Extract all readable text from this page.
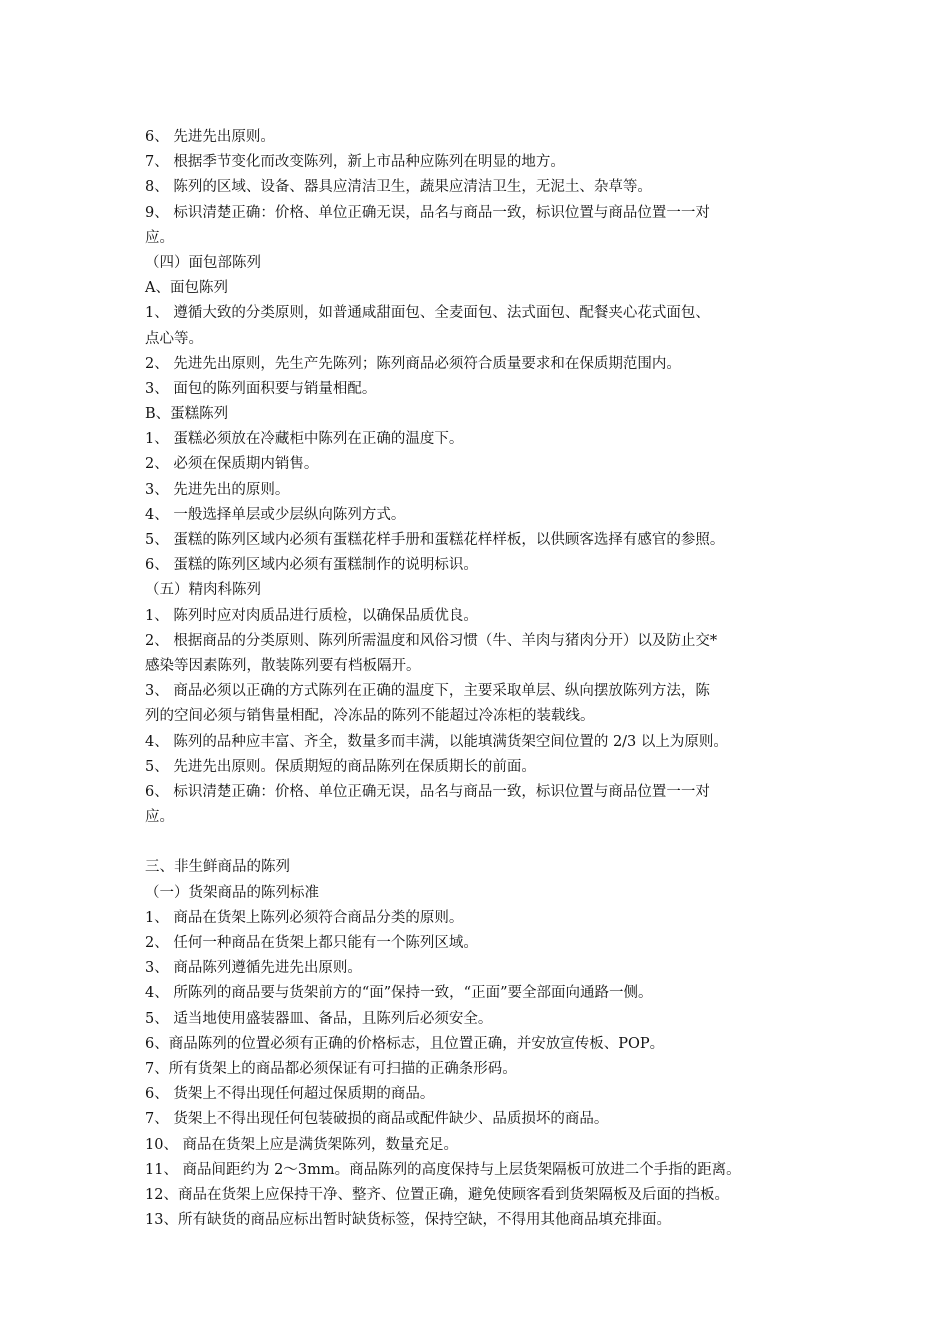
6、 先进先出原则。
7、 根据季节变化而改变陈列，新上市品种应陈列在明显的地方。
8、 陈列的区域、设备、器具应清洁卫生，蔬果应清洁卫生，无泥土、杂草等。
9、 标识清楚正确：价格、单位正确无误，品名与商品一致，标识位置与商品位置一一对
应。
（四）面包部陈列
A、面包陈列
1、 遵循大致的分类原则，如普通咸甜面包、全麦面包、法式面包、配餐夹心花式面包、
点心等。
2、 先进先出原则，先生产先陈列；陈列商品必须符合质量要求和在保质期范围内。
3、 面包的陈列面积要与销量相配。
B、蛋糕陈列
1、 蛋糕必须放在冷藏柜中陈列在正确的温度下。
2、 必须在保质期内销售。
3、 先进先出的原则。
4、 一般选择单层或少层纵向陈列方式。
5、 蛋糕的陈列区域内必须有蛋糕花样手册和蛋糕花样样板，以供顾客选择有感官的参照。
6、 蛋糕的陈列区域内必须有蛋糕制作的说明标识。
（五）精肉科陈列
1、 陈列时应对肉质品进行质检，以确保品质优良。
2、 根据商品的分类原则、陈列所需温度和风俗习惯（牛、羊肉与猪肉分开）以及防止交*
感染等因素陈列，散装陈列要有档板隔开。
3、 商品必须以正确的方式陈列在正确的温度下，主要采取单层、纵向摆放陈列方法，陈
列的空间必须与销售量相配，冷冻品的陈列不能超过冷冻柜的装载线。
4、 陈列的品种应丰富、齐全，数量多而丰满，以能填满货架空间位置的 2/3 以上为原则。
5、 先进先出原则。保质期短的商品陈列在保质期长的前面。
6、 标识清楚正确：价格、单位正确无误，品名与商品一致，标识位置与商品位置一一对
应。
三、非生鲜商品的陈列
（一）货架商品的陈列标准
1、 商品在货架上陈列必须符合商品分类的原则。
2、 任何一种商品在货架上都只能有一个陈列区域。
3、 商品陈列遵循先进先出原则。
4、 所陈列的商品要与货架前方的“面”保持一致，“正面”要全部面向通路一侧。
5、 适当地使用盛装器皿、备品，且陈列后必须安全。
6、商品陈列的位置必须有正确的价格标志，且位置正确，并安放宣传板、POP。
7、所有货架上的商品都必须保证有可扫描的正确条形码。
6、 货架上不得出现任何超过保质期的商品。
7、 货架上不得出现任何包装破损的商品或配件缺少、品质损坏的商品。
10、 商品在货架上应是满货架陈列，数量充足。
11、 商品间距约为 2～3mm。商品陈列的高度保持与上层货架隔板可放进二个手指的距离。
12、商品在货架上应保持干净、整齐、位置正确，避免使顾客看到货架隔板及后面的挡板。
13、所有缺货的商品应标出暂时缺货标签，保持空缺，不得用其他商品填充排面。
